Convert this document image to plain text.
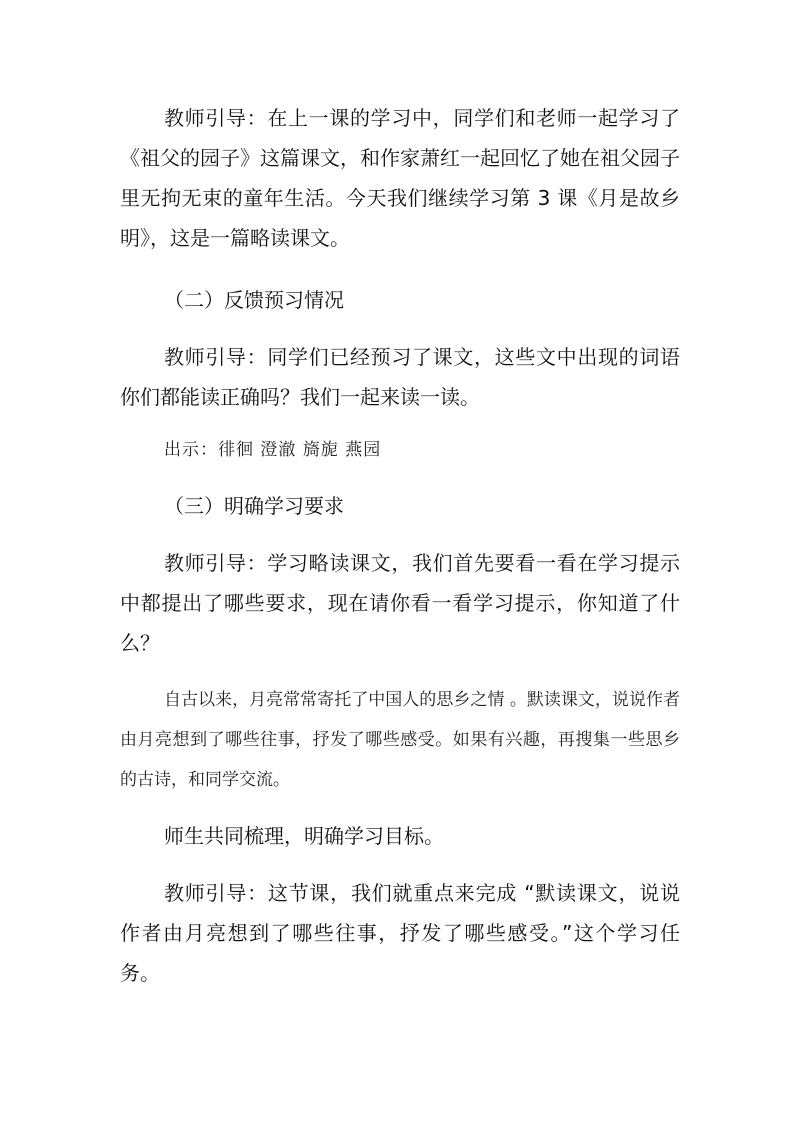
教师引导：在上一课的学习中，同学们和老师一起学习了《祖父的园子》这篇课文，和作家萧红一起回忆了她在祖父园子里无拘无束的童年生活。今天我们继续学习第 3 课《月是故乡明》，这是一篇略读课文。

（二）反馈预习情况

教师引导：同学们已经预习了课文，这些文中出现的词语你们都能读正确吗？我们一起来读一读。

出示：徘徊 澄澈 旖旎 燕园

（三）明确学习要求

教师引导：学习略读课文，我们首先要看一看在学习提示中都提出了哪些要求，现在请你看一看学习提示，你知道了什么？

自古以来，月亮常常寄托了中国人的思乡之情 。默读课文，说说作者由月亮想到了哪些往事，抒发了哪些感受。如果有兴趣，再搜集一些思乡的古诗，和同学交流。

师生共同梳理，明确学习目标。

教师引导：这节课，我们就重点来完成 “默读课文，说说作者由月亮想到了哪些往事，抒发了哪些感受。”这个学习任务。
